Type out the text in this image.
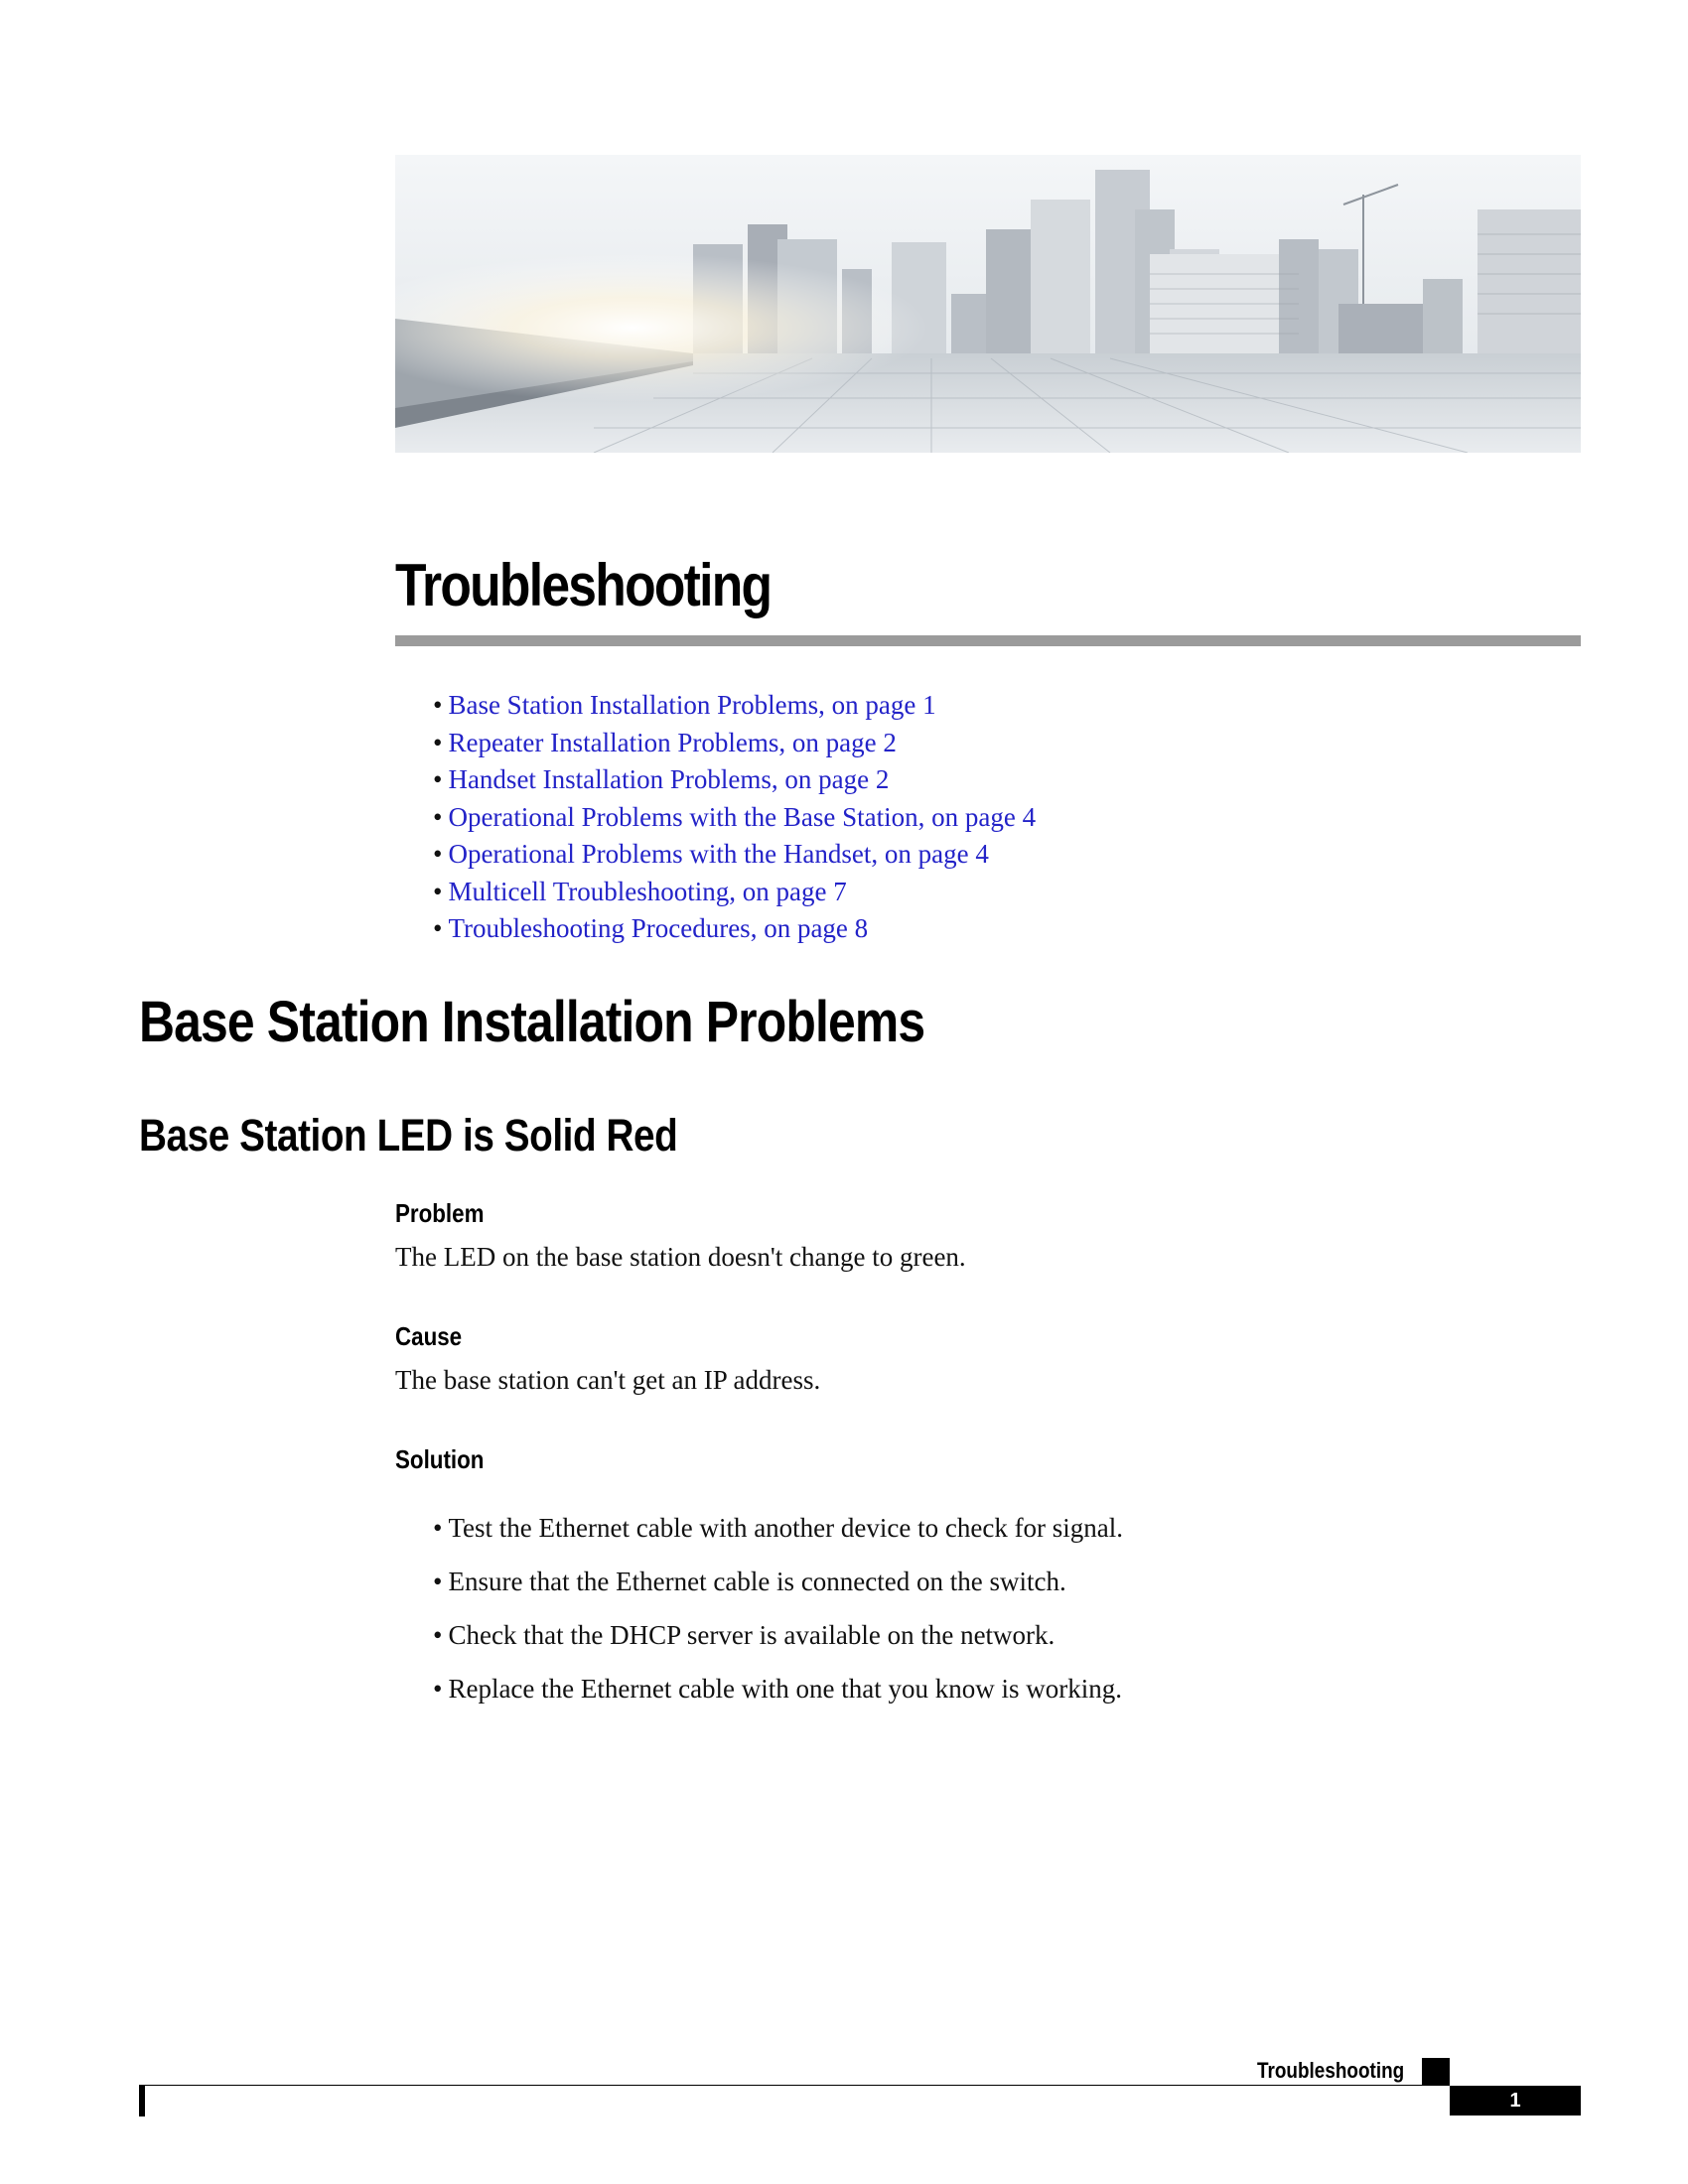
Troubleshooting
• Base Station Installation Problems, on page 1
• Repeater Installation Problems, on page 2
• Handset Installation Problems, on page 2
• Operational Problems with the Base Station, on page 4
• Operational Problems with the Handset, on page 4
• Multicell Troubleshooting, on page 7
• Troubleshooting Procedures, on page 8
Base Station Installation Problems
Base Station LED is Solid Red
Problem

The LED on the base station doesn't change to green.

Cause

The base station can't get an IP address.

Solution
• Test the Ethernet cable with another device to check for signal.
• Ensure that the Ethernet cable is connected on the switch.
• Check that the DHCP server is available on the network.
• Replace the Ethernet cable with one that you know is working.
Troubleshooting
1
